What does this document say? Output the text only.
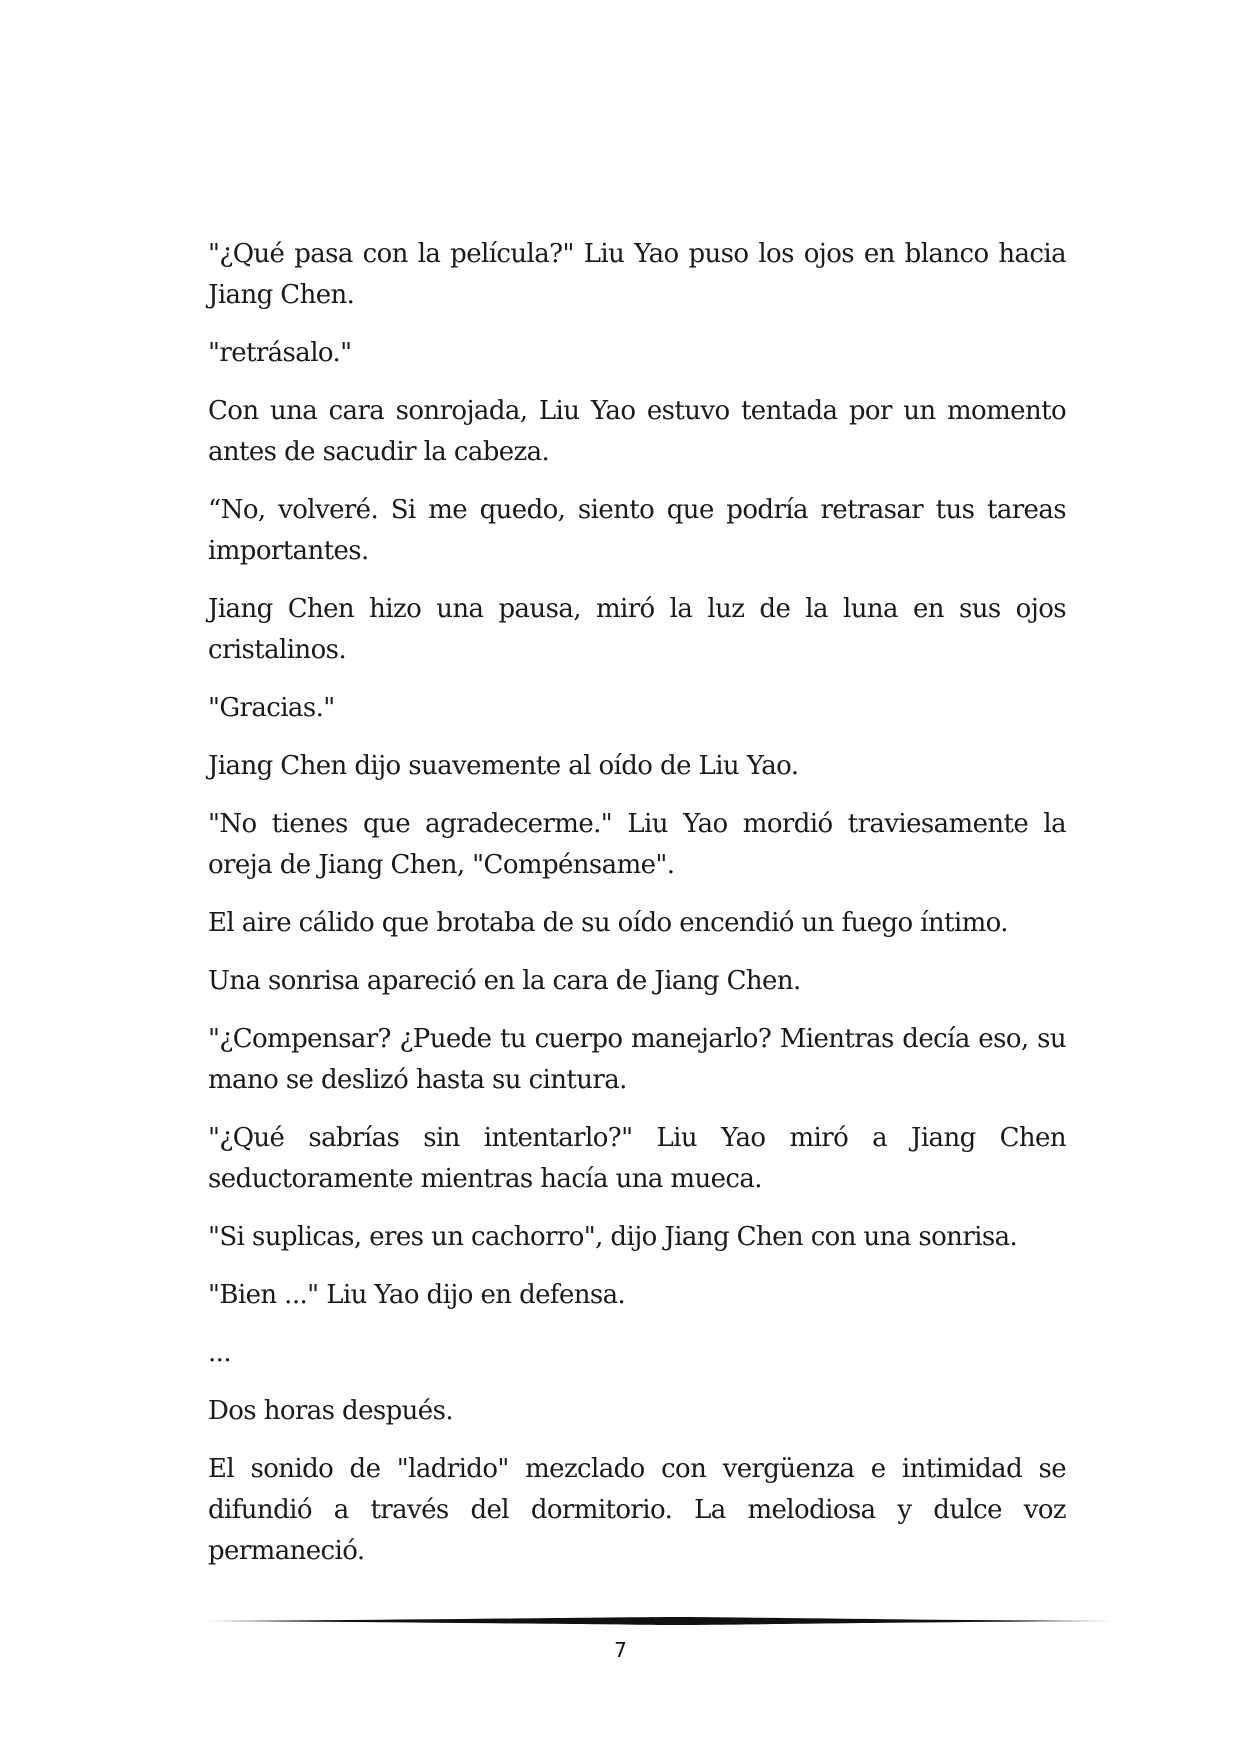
"¿Qué pasa con la película?" Liu Yao puso los ojos en blanco hacia Jiang Chen.

"retrásalo."

Con una cara sonrojada, Liu Yao estuvo tentada por un momento antes de sacudir la cabeza.

“No, volveré. Si me quedo, siento que podría retrasar tus tareas importantes.

Jiang Chen hizo una pausa, miró la luz de la luna en sus ojos cristalinos.

"Gracias."

Jiang Chen dijo suavemente al oído de Liu Yao.

"No tienes que agradecerme." Liu Yao mordió traviesamente la oreja de Jiang Chen, "Compénsame".

El aire cálido que brotaba de su oído encendió un fuego íntimo.

Una sonrisa apareció en la cara de Jiang Chen.

"¿Compensar? ¿Puede tu cuerpo manejarlo? Mientras decía eso, su mano se deslizó hasta su cintura.

"¿Qué sabrías sin intentarlo?" Liu Yao miró a Jiang Chen seductoramente mientras hacía una mueca.

"Si suplicas, eres un cachorro", dijo Jiang Chen con una sonrisa.

"Bien ..." Liu Yao dijo en defensa.

...

Dos horas después.

El sonido de "ladrido" mezclado con vergüenza e intimidad se difundió a través del dormitorio. La melodiosa y dulce voz permaneció.

7
